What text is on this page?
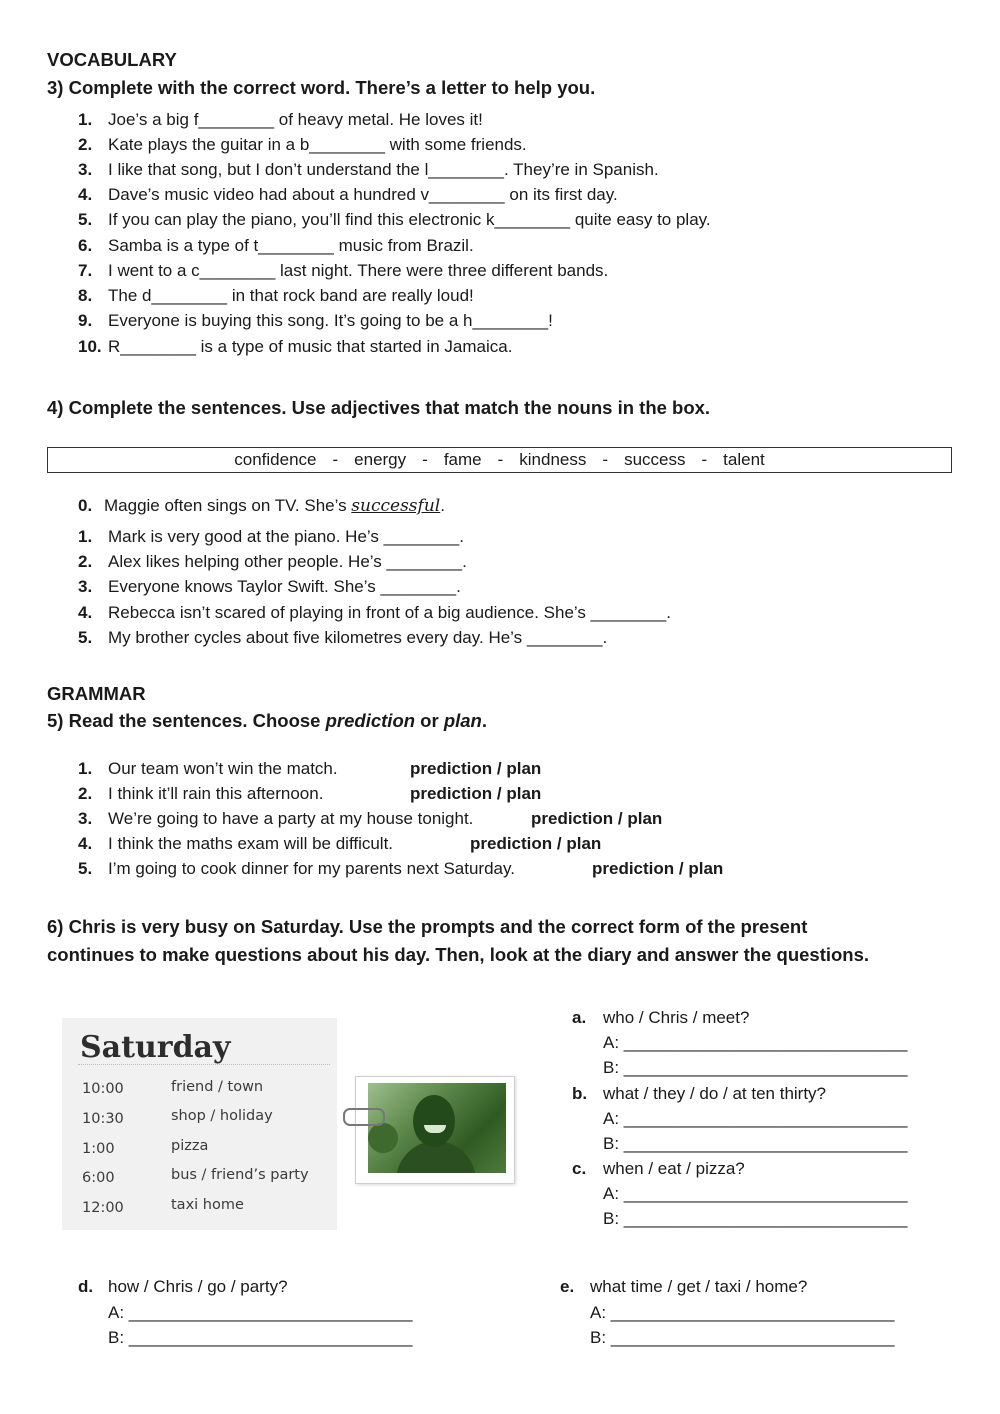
VOCABULARY
3) Complete with the correct word. There’s a letter to help you.
1. Joe’s a big f________ of heavy metal. He loves it!
2. Kate plays the guitar in a b________ with some friends.
3. I like that song, but I don’t understand the l________. They’re in Spanish.
4. Dave’s music video had about a hundred v________ on its first day.
5. If you can play the piano, you’ll find this electronic k________ quite easy to play.
6. Samba is a type of t________ music from Brazil.
7. I went to a c________ last night. There were three different bands.
8. The d________ in that rock band are really loud!
9. Everyone is buying this song. It’s going to be a h________!
10. R________ is a type of music that started in Jamaica.
4) Complete the sentences. Use adjectives that match the nouns in the box.
confidence - energy - fame - kindness - success - talent
0. Maggie often sings on TV. She’s successful.
1. Mark is very good at the piano. He’s ________.
2. Alex likes helping other people. He’s ________.
3. Everyone knows Taylor Swift. She’s ________.
4. Rebecca isn’t scared of playing in front of a big audience. She’s ________.
5. My brother cycles about five kilometres every day. He’s ________.
GRAMMAR
5) Read the sentences. Choose prediction or plan.
1. Our team won’t win the match.	prediction / plan
2. I think it’ll rain this afternoon.	prediction / plan
3. We’re going to have a party at my house tonight.	prediction / plan
4. I think the maths exam will be difficult.	prediction / plan
5. I’m going to cook dinner for my parents next Saturday.	prediction / plan
6) Chris is very busy on Saturday. Use the prompts and the correct form of the present
continues to make questions about his day. Then, look at the diary and answer the questions.
Saturday
10:00	friend / town
10:30	shop / holiday
1:00	pizza
6:00	bus / friend’s party
12:00	taxi home
a. who / Chris / meet?
A: ______________________________
B: ______________________________
b. what / they / do / at ten thirty?
A: ______________________________
B: ______________________________
c. when / eat / pizza?
A: ______________________________
B: ______________________________
d. how / Chris / go / party?
A: ______________________________
B: ______________________________
e. what time / get / taxi / home?
A: ______________________________
B: ______________________________
